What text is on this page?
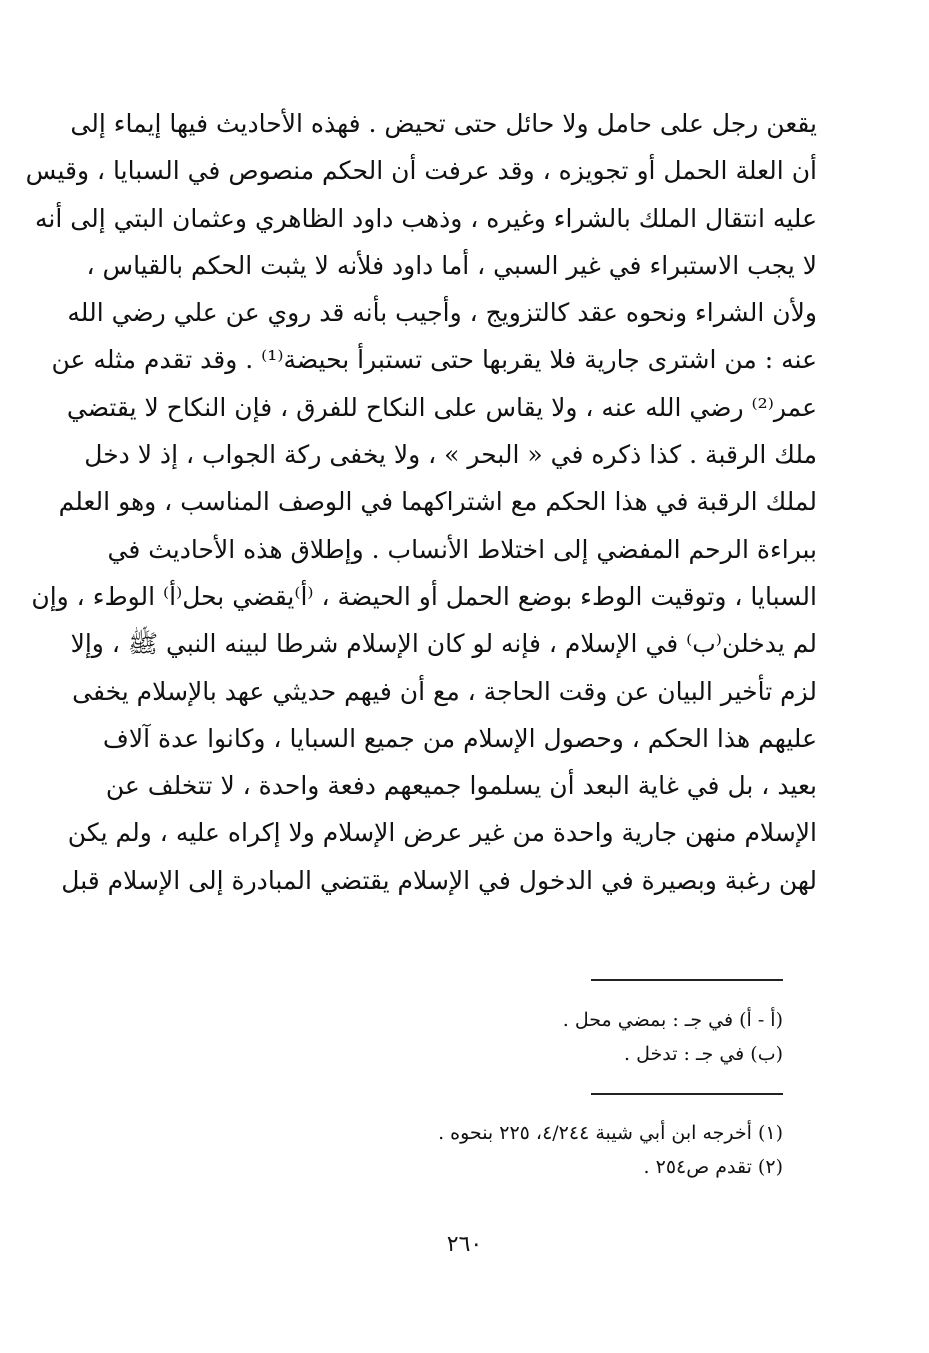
يقعن رجل على حامل ولا حائل حتى تحيض . فهذه الأحاديث فيها إيماء إلى
أن العلة الحمل أو تجويزه ، وقد عرفت أن الحكم منصوص في السبايا ، وقيس
عليه انتقال الملك بالشراء وغيره ، وذهب داود الظاهري وعثمان البتي إلى أنه
لا يجب الاستبراء في غير السبي ، أما داود فلأنه لا يثبت الحكم بالقياس ،
ولأن الشراء ونحوه عقد كالتزويج ، وأجيب بأنه قد روي عن علي رضي الله
عنه : من اشترى جارية فلا يقربها حتى تستبرأ بحيضة⁽¹⁾ . وقد تقدم مثله عن
عمر⁽²⁾ رضي الله عنه ، ولا يقاس على النكاح للفرق ، فإن النكاح لا يقتضي
ملك الرقبة . كذا ذكره في « البحر » ، ولا يخفى ركة الجواب ، إذ لا دخل
لملك الرقبة في هذا الحكم مع اشتراكهما في الوصف المناسب ، وهو العلم
ببراءة الرحم المفضي إلى اختلاط الأنساب . وإطلاق هذه الأحاديث في
السبايا ، وتوقيت الوطء بوضع الحمل أو الحيضة ، ⁽أ⁾يقضي بحل⁽أ⁾ الوطء ، وإن
لم يدخلن⁽ب⁾ في الإسلام ، فإنه لو كان الإسلام شرطا لبينه النبي ﷺ ، وإلا
لزم تأخير البيان عن وقت الحاجة ، مع أن فيهم حديثي عهد بالإسلام يخفى
عليهم هذا الحكم ، وحصول الإسلام من جميع السبايا ، وكانوا عدة آلاف
بعيد ، بل في غاية البعد أن يسلموا جميعهم دفعة واحدة ، لا تتخلف عن
الإسلام منهن جارية واحدة من غير عرض الإسلام ولا إكراه عليه ، ولم يكن
لهن رغبة وبصيرة في الدخول في الإسلام يقتضي المبادرة إلى الإسلام قبل
(أ - أ) في جـ : بمضي محل .
(ب) في جـ : تدخل .
(١) أخرجه ابن أبي شيبة ٤/٢٤٤، ٢٢٥ بنحوه .
(٢) تقدم ص٢٥٤ .
٢٦٠
